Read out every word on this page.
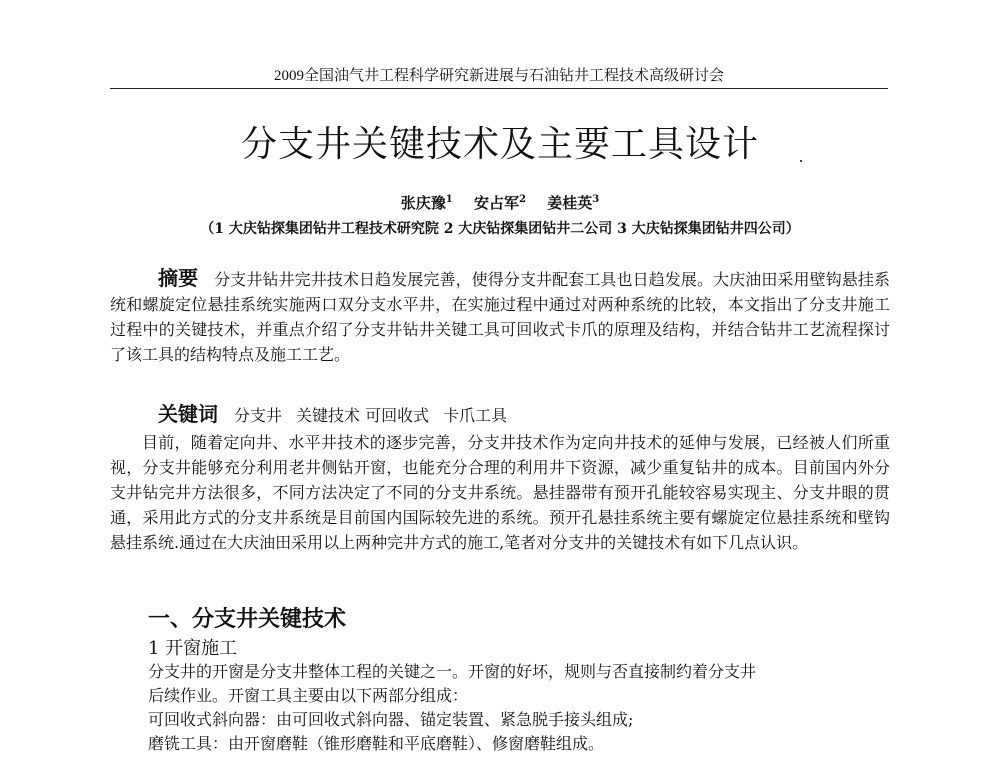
2009全国油气井工程科学研究新进展与石油钻井工程技术高级研讨会
分支井关键技术及主要工具设计
张庆豫$^1$ 安占军$^2$ 姜桂英$^3$
（1 大庆钻探集团钻井工程技术研究院 2 大庆钻探集团钻井二公司 3 大庆钻探集团钻井四公司）

摘要 分支井钻井完井技术日趋发展完善，使得分支井配套工具也日趋发展。大庆油田采用壁钩悬挂系统和螺旋定位悬挂系统实施两口双分支水平井，在实施过程中通过对两种系统的比较，本文指出了分支井施工过程中的关键技术，并重点介绍了分支井钻井关键工具可回收式卡爪的原理及结构，并结合钻井工艺流程探讨了该工具的结构特点及施工工艺。

关键词 分支井 关键技术 可回收式 卡爪工具

目前，随着定向井、水平井技术的逐步完善，分支井技术作为定向井技术的延伸与发展，已经被人们所重视，分支井能够充分利用老井侧钻开窗，也能充分合理的利用井下资源，减少重复钻井的成本。目前国内外分支井钻完井方法很多，不同方法决定了不同的分支井系统。悬挂器带有预开孔能较容易实现主、分支井眼的贯通，采用此方式的分支井系统是目前国内国际较先进的系统。预开孔悬挂系统主要有螺旋定位悬挂系统和壁钩悬挂系统.通过在大庆油田采用以上两种完井方式的施工,笔者对分支井的关键技术有如下几点认识。

一、分支井关键技术
1 开窗施工

分支井的开窗是分支井整体工程的关键之一。开窗的好坏，规则与否直接制约着分支井

后续作业。开窗工具主要由以下两部分组成：

可回收式斜向器：由可回收式斜向器、锚定装置、紧急脱手接头组成;

磨铣工具：由开窗磨鞋（锥形磨鞋和平底磨鞋）、修窗磨鞋组成。
